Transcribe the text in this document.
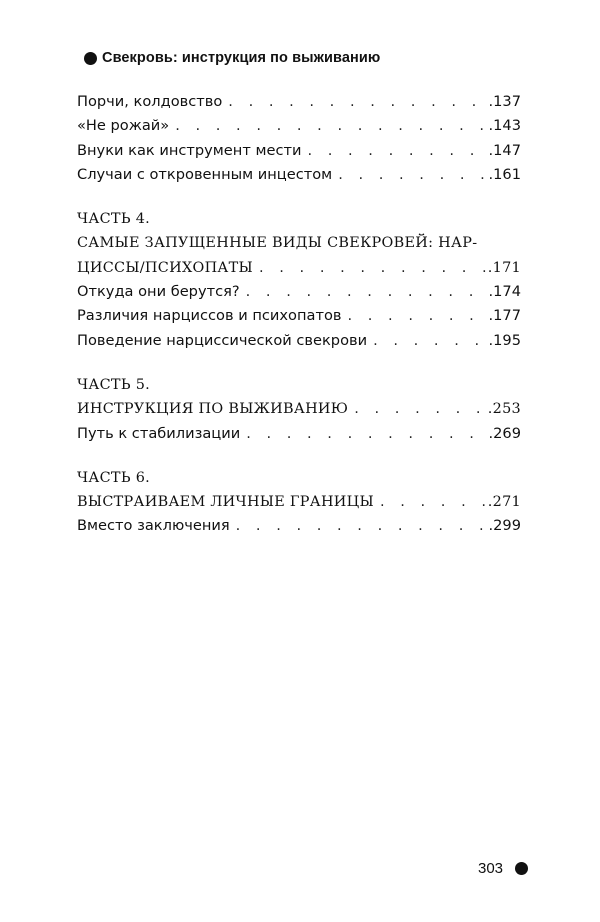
Свекровь: инструкция по выживанию
Порчи, колдовство . . .	.137
«Не рожай» . . .	.143
Внуки как инструмент мести . . .	.147
Случаи с откровенным инцестом . . .	.161
ЧАСТЬ 4.
САМЫЕ ЗАПУЩЕННЫЕ ВИДЫ СВЕКРОВЕЙ: НАР-
ЦИССЫ/ПСИХОПАТЫ . . .	.171
Откуда они берутся? . . .	.174
Различия нарциссов и психопатов . . .	.177
Поведение нарциссической свекрови . . .	.195
ЧАСТЬ 5.
ИНСТРУКЦИЯ ПО ВЫЖИВАНИЮ . . .	.253
Путь к стабилизации . . .	.269
ЧАСТЬ 6.
ВЫСТРАИВАЕМ ЛИЧНЫЕ ГРАНИЦЫ . . .	.271
Вместо заключения . . .	.299
303
